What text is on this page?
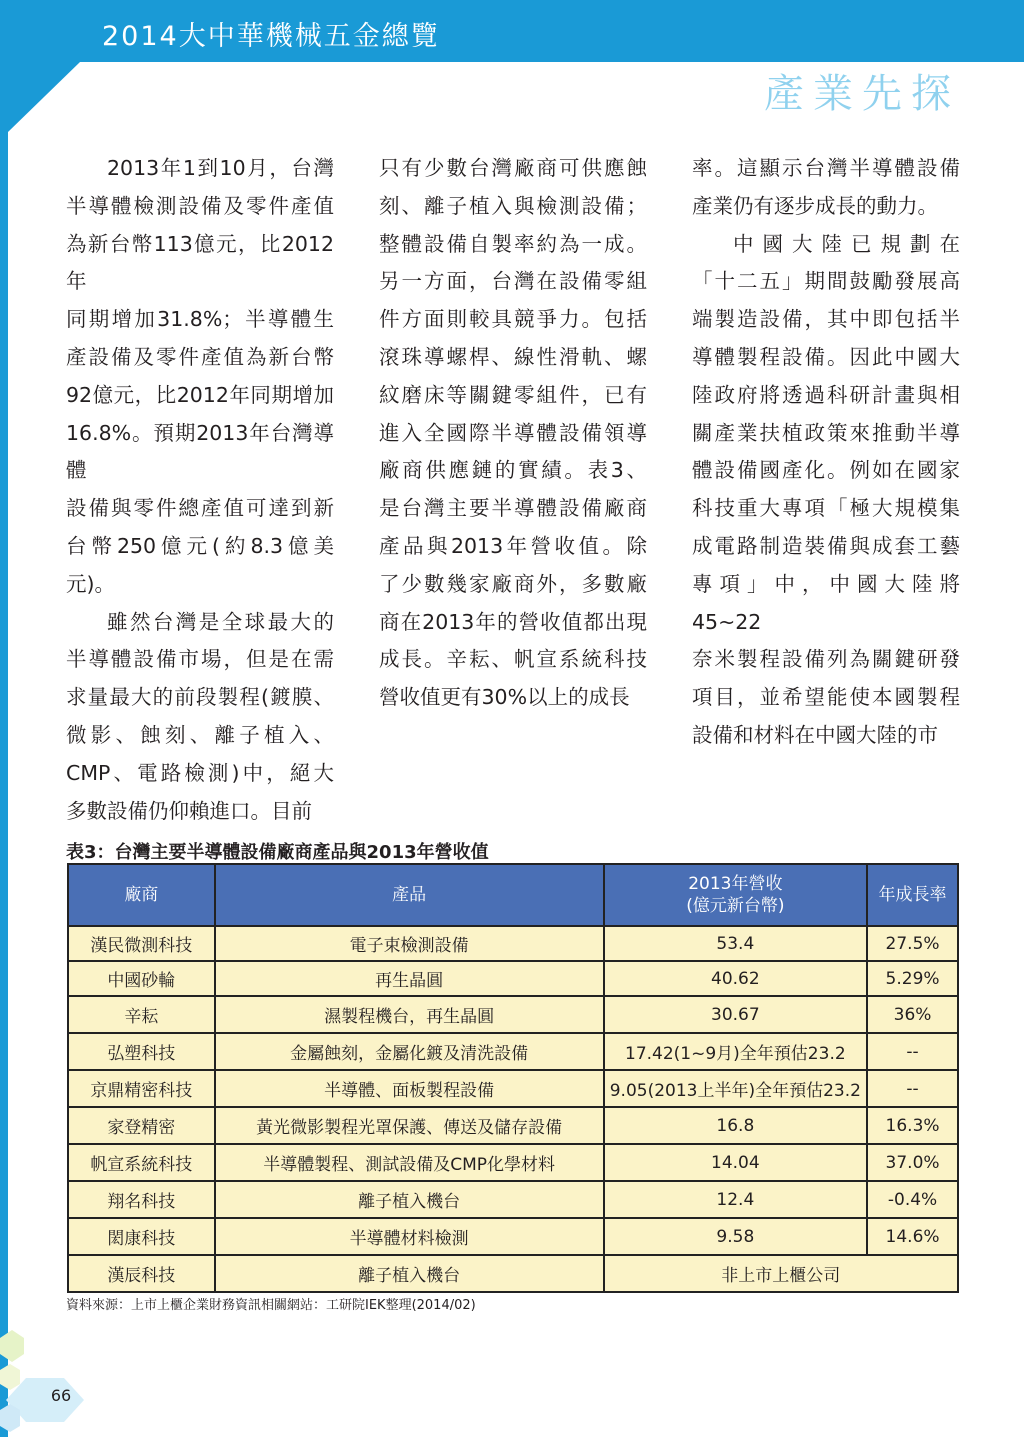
2014大中華機械五金總覽
產業先探

2013年1到10月，台灣

半導體檢測設備及零件產值

為新台幣113億元，比2012年

同期增加31.8%；半導體生

產設備及零件產值為新台幣

92億元，比2012年同期增加

16.8%。預期2013年台灣導體

設備與零件總產值可達到新

台幣250億元(約8.3億美元)。

雖然台灣是全球最大的

半導體設備市場，但是在需

求量最大的前段製程(鍍膜、

微影、蝕刻、離子植入、

CMP、電路檢測)中，絕大

多數設備仍仰賴進口。目前

只有少數台灣廠商可供應蝕

刻、離子植入與檢測設備；

整體設備自製率約為一成。

另一方面，台灣在設備零組

件方面則較具競爭力。包括

滾珠導螺桿、線性滑軌、螺

紋磨床等關鍵零組件，已有

進入全國際半導體設備領導

廠商供應鏈的實績。表3、

是台灣主要半導體設備廠商

產品與2013年營收值。除

了少數幾家廠商外，多數廠

商在2013年的營收值都出現

成長。辛耘、帆宣系統科技

營收值更有30%以上的成長

率。這顯示台灣半導體設備

產業仍有逐步成長的動力。

中國大陸已規劃在

「十二五」期間鼓勵發展高

端製造設備，其中即包括半

導體製程設備。因此中國大

陸政府將透過科研計畫與相

關產業扶植政策來推動半導

體設備國產化。例如在國家

科技重大專項「極大規模集

成電路制造裝備與成套工藝

專項」中，中國大陸將45~22

奈米製程設備列為關鍵研發

項目，並希望能使本國製程

設備和材料在中國大陸的市

表3：台灣主要半導體設備廠商產品與2013年營收值
廠商	產品	2013年營收
(億元新台幣)	年成長率
漢民微測科技	電子束檢測設備	53.4	27.5%
中國砂輪	再生晶圓	40.62	5.29%
辛耘	濕製程機台，再生晶圓	30.67	36%
弘塑科技	金屬蝕刻，金屬化鍍及清洗設備	17.42(1~9月)全年預估23.2	--
京鼎精密科技	半導體、面板製程設備	9.05(2013上半年)全年預估23.2	--
家登精密	黃光微影製程光罩保護、傳送及儲存設備	16.8	16.3%
帆宣系統科技	半導體製程、測試設備及CMP化學材料	14.04	37.0%
翔名科技	離子植入機台	12.4	-0.4%
閎康科技	半導體材料檢測	9.58	14.6%
漢辰科技	離子植入機台	非上市上櫃公司	
資料來源：上市上櫃企業財務資訊相關網站：工研院IEK整理(2014/02)
66
